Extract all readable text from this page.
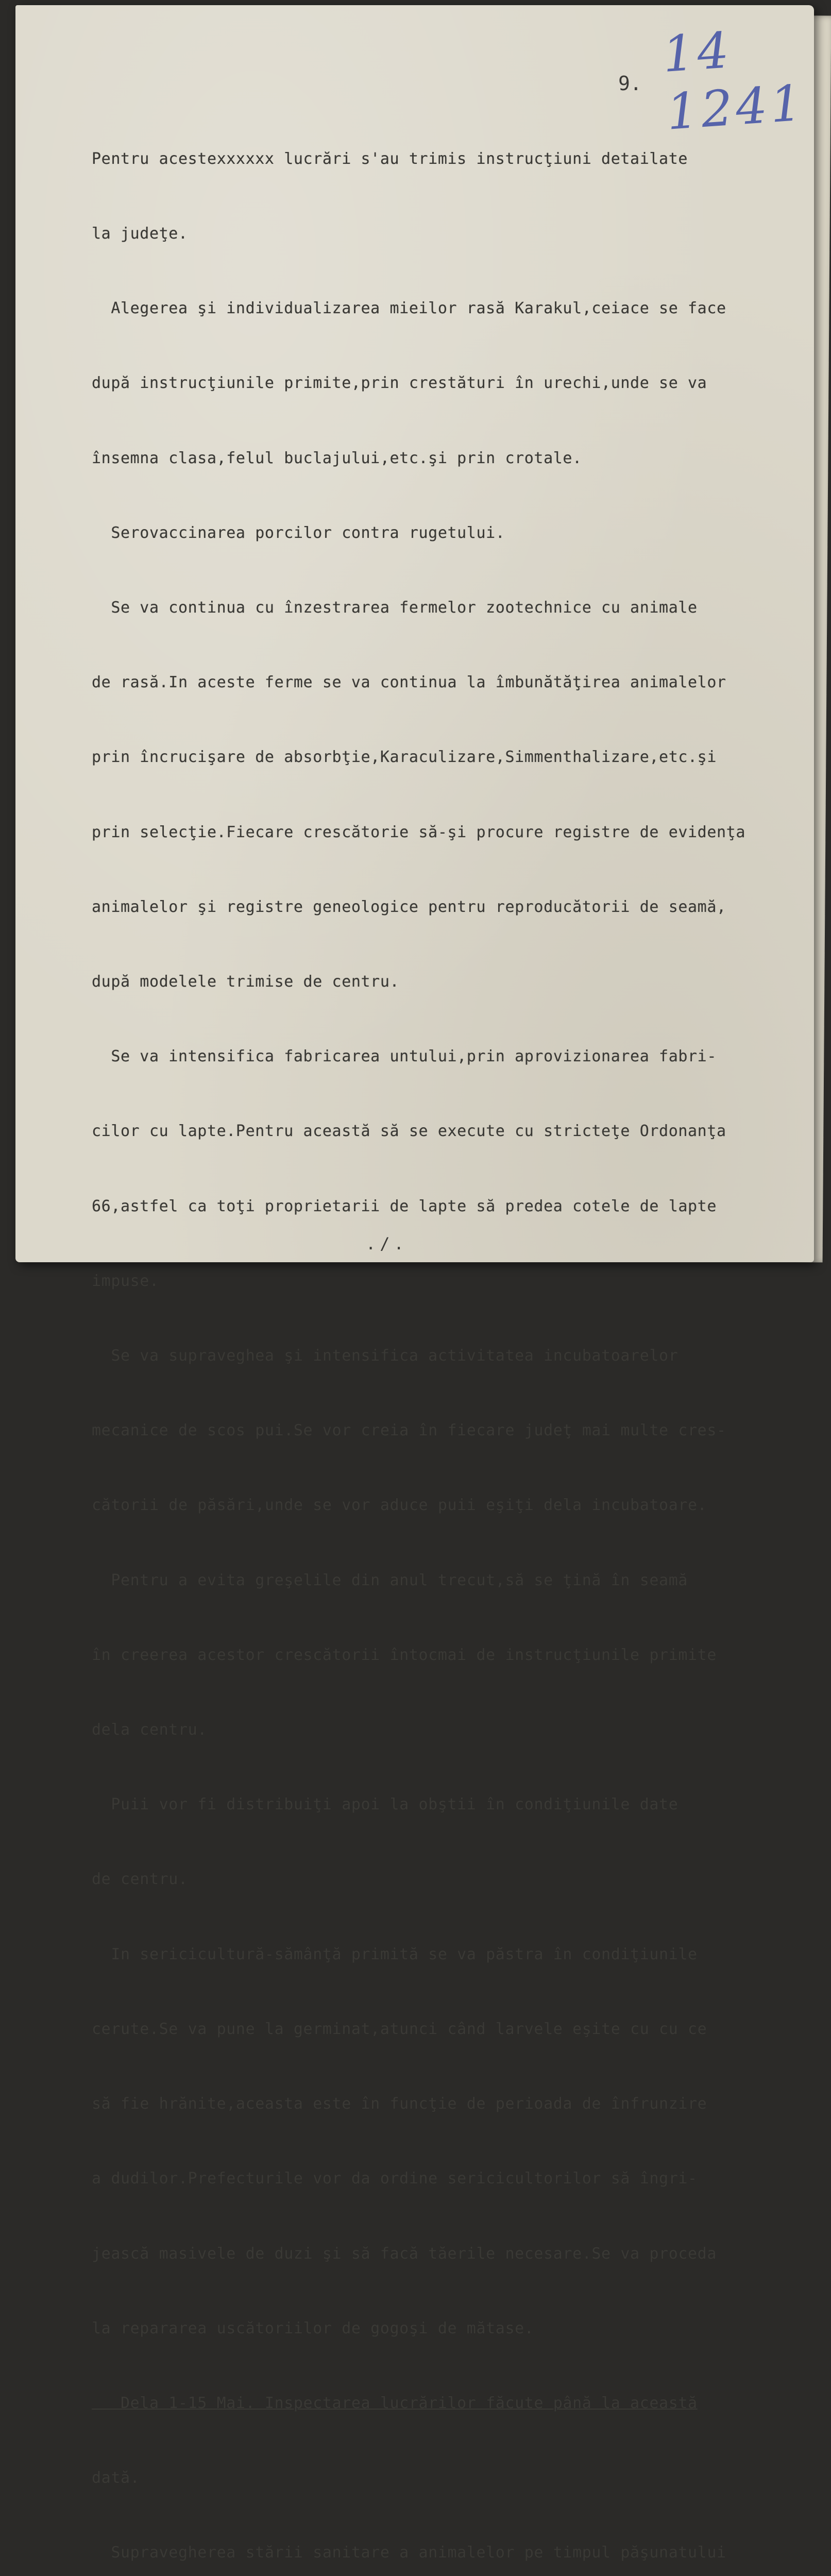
14 1241
9.

Pentru acestexxxxxx lucrări s'au trimis instrucţiuni detailate

la judeţe.

Alegerea şi individualizarea mieilor rasă Karakul,ceiace se face

după instrucţiunile primite,prin crestături în urechi,unde se va

însemna clasa,felul buclajului,etc.şi prin crotale.

Serovaccinarea porcilor contra rugetului.

Se va continua cu înzestrarea fermelor zootechnice cu animale

de rasă.In aceste ferme se va continua la îmbunătăţirea animalelor

prin încrucişare de absorbţie,Karaculizare,Simmenthalizare,etc.şi

prin selecţie.Fiecare crescătorie să-şi procure registre de evidenţa

animalelor şi registre geneologice pentru reproducătorii de seamă,

după modelele trimise de centru.

Se va intensifica fabricarea untului,prin aprovizionarea fabri-

cilor cu lapte.Pentru această să se execute cu stricteţe Ordonanţa

66,astfel ca toţi proprietarii de lapte să predea cotele de lapte

impuse.

Se va supraveghea şi intensifica activitatea incubatoarelor

mecanice de scos pui.Se vor creia în fiecare judeţ mai multe cres-

cătorii de păsări,unde se vor aduce puii eşiţi dela incubatoare.

Pentru a evita greşelile din anul trecut,să se ţină în seamă

în creerea acestor crescătorii întocmai de instrucţiunile primite

dela centru.

Puii vor fi distribuiţi apoi la obştii în condiţiunile date

de centru.

In sericicultură-sămânţă primită se va păstra în condiţiunile

cerute.Se va pune la germinat,atunci când larvele eşite cu cu ce

să fie hrănite,aceasta este în funcţie de perioada de înfrunzire

a dudilor.Prefecturile vor da ordine sericicultorilor să îngri-

jească masivele de duzi şi să facă tăerile necesare.Se va proceda

la repararea uscătoriilor de gogoşi de mătase.

Dela 1-15 Mai. Inspectarea lucrărilor făcute până la această

dată.

Supravegherea stării sanitare a animalelor pe timpul păşunatului

./.
